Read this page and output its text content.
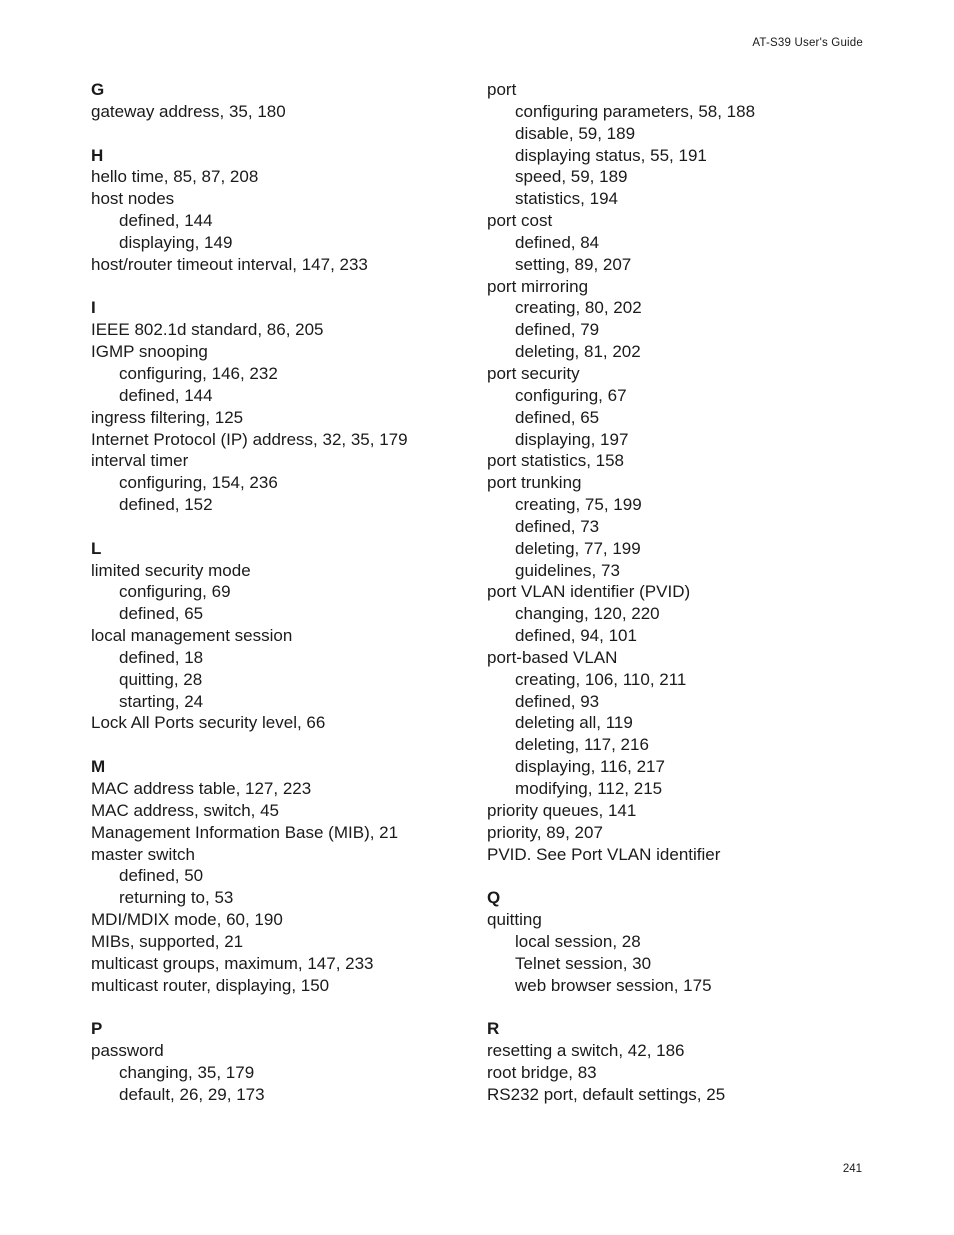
AT-S39 User's Guide
G
gateway address, 35, 180
H
hello time, 85, 87, 208
host nodes
defined, 144
displaying, 149
host/router timeout interval, 147, 233
I
IEEE 802.1d standard, 86, 205
IGMP snooping
configuring, 146, 232
defined, 144
ingress filtering, 125
Internet Protocol (IP) address, 32, 35, 179
interval timer
configuring, 154, 236
defined, 152
L
limited security mode
configuring, 69
defined, 65
local management session
defined, 18
quitting, 28
starting, 24
Lock All Ports security level, 66
M
MAC address table, 127, 223
MAC address, switch, 45
Management Information Base (MIB), 21
master switch
defined, 50
returning to, 53
MDI/MDIX mode, 60, 190
MIBs, supported, 21
multicast groups, maximum, 147, 233
multicast router, displaying, 150
P
password
changing, 35, 179
default, 26, 29, 173
port
configuring parameters, 58, 188
disable, 59, 189
displaying status, 55, 191
speed, 59, 189
statistics, 194
port cost
defined, 84
setting, 89, 207
port mirroring
creating, 80, 202
defined, 79
deleting, 81, 202
port security
configuring, 67
defined, 65
displaying, 197
port statistics, 158
port trunking
creating, 75, 199
defined, 73
deleting, 77, 199
guidelines, 73
port VLAN identifier (PVID)
changing, 120, 220
defined, 94, 101
port-based VLAN
creating, 106, 110, 211
defined, 93
deleting all, 119
deleting, 117, 216
displaying, 116, 217
modifying, 112, 215
priority queues, 141
priority, 89, 207
PVID. See Port VLAN identifier
Q
quitting
local session, 28
Telnet session, 30
web browser session, 175
R
resetting a switch, 42, 186
root bridge, 83
RS232 port, default settings, 25
241
